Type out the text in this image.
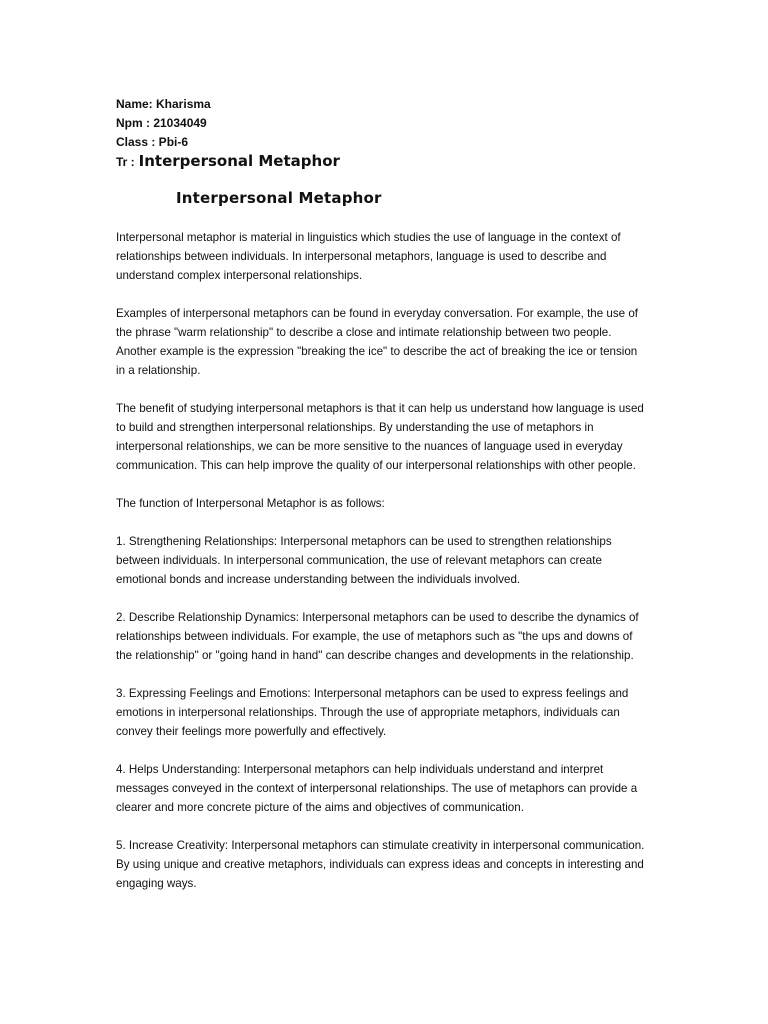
Name: Kharisma
Npm : 21034049
Class : Pbi-6
Tr : Interpersonal Metaphor
Interpersonal Metaphor

Interpersonal metaphor is material in linguistics which studies the use of language in the context of relationships between individuals. In interpersonal metaphors, language is used to describe and understand complex interpersonal relationships.

Examples of interpersonal metaphors can be found in everyday conversation. For example, the use of the phrase "warm relationship" to describe a close and intimate relationship between two people. Another example is the expression "breaking the ice" to describe the act of breaking the ice or tension in a relationship.

The benefit of studying interpersonal metaphors is that it can help us understand how language is used to build and strengthen interpersonal relationships. By understanding the use of metaphors in interpersonal relationships, we can be more sensitive to the nuances of language used in everyday communication. This can help improve the quality of our interpersonal relationships with other people.

The function of Interpersonal Metaphor is as follows:

1. Strengthening Relationships: Interpersonal metaphors can be used to strengthen relationships between individuals. In interpersonal communication, the use of relevant metaphors can create emotional bonds and increase understanding between the individuals involved.

2. Describe Relationship Dynamics: Interpersonal metaphors can be used to describe the dynamics of relationships between individuals. For example, the use of metaphors such as "the ups and downs of the relationship" or "going hand in hand" can describe changes and developments in the relationship.

3. Expressing Feelings and Emotions: Interpersonal metaphors can be used to express feelings and emotions in interpersonal relationships. Through the use of appropriate metaphors, individuals can convey their feelings more powerfully and effectively.

4. Helps Understanding: Interpersonal metaphors can help individuals understand and interpret messages conveyed in the context of interpersonal relationships. The use of metaphors can provide a clearer and more concrete picture of the aims and objectives of communication.

5. Increase Creativity: Interpersonal metaphors can stimulate creativity in interpersonal communication. By using unique and creative metaphors, individuals can express ideas and concepts in interesting and engaging ways.
